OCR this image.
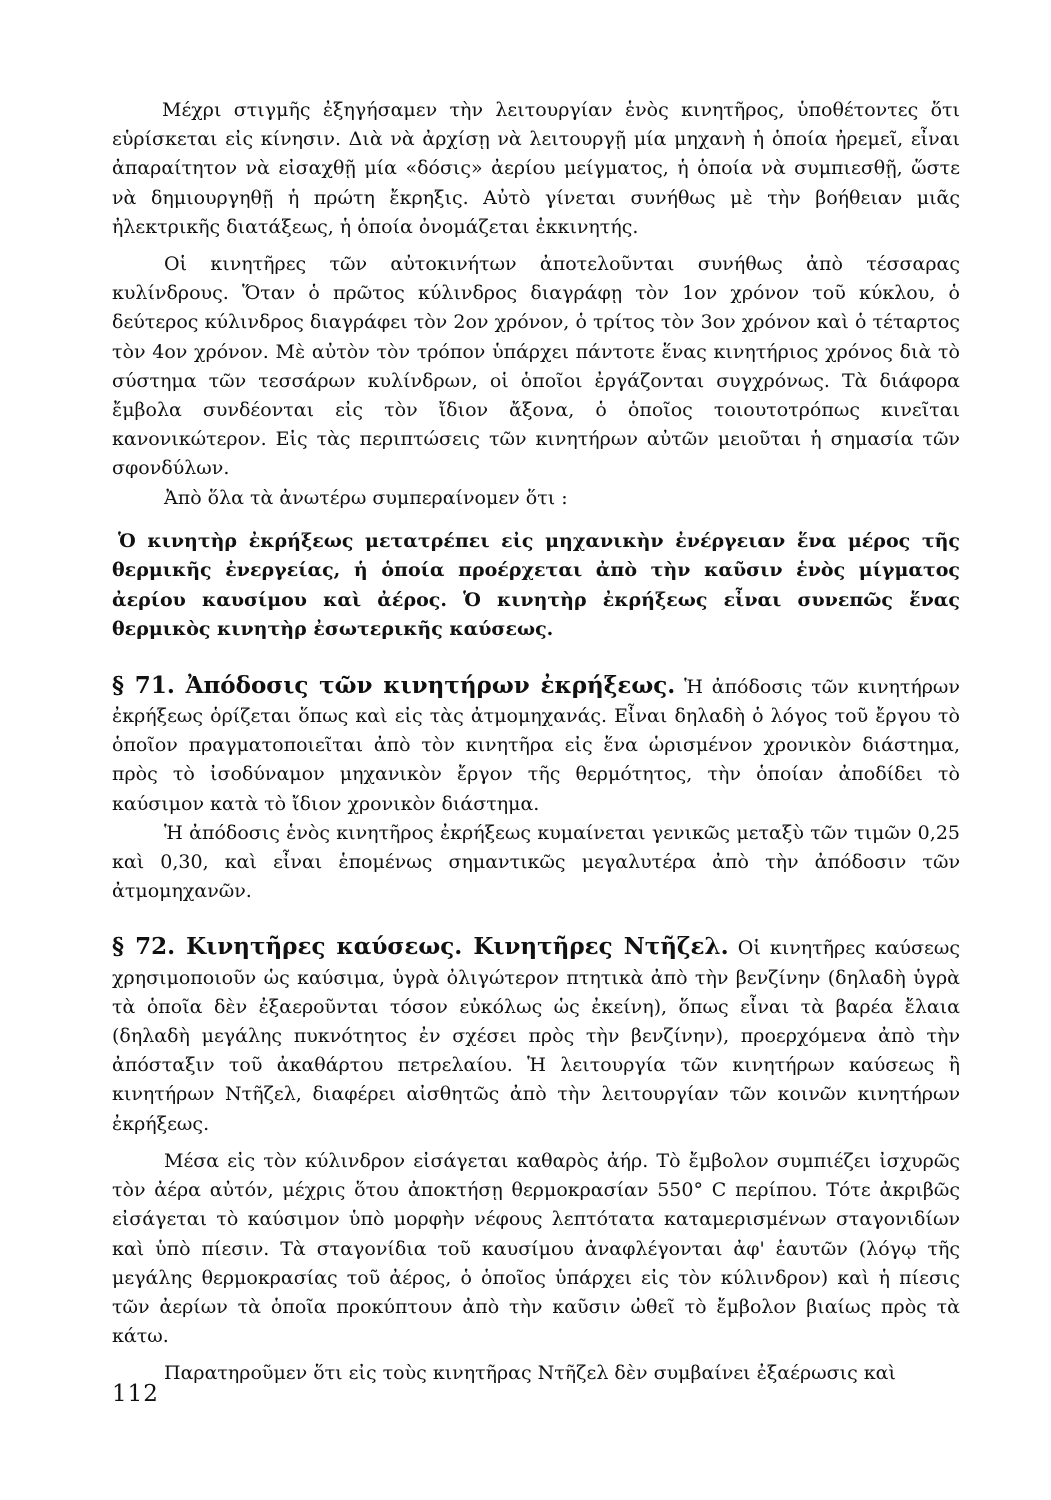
Μέχρι στιγμῆς ἐξηγήσαμεν τὴν λειτουργίαν ἑνὸς κινητῆρος, ὑποθέτοντες ὅτι εὑρίσκεται εἰς κίνησιν. Διὰ νὰ ἀρχίσῃ νὰ λειτουργῇ μία μηχανὴ ἡ ὁποία ἠρεμεῖ, εἶναι ἀπαραίτητον νὰ εἰσαχθῇ μία «δόσις» ἀερίου μείγματος, ἡ ὁποία νὰ συμπιεσθῇ, ὥστε νὰ δημιουργηθῇ ἡ πρώτη ἔκρηξις. Αὐτὸ γίνεται συνήθως μὲ τὴν βοήθειαν μιᾶς ἠλεκτρικῆς διατάξεως, ἡ ὁποία ὀνομάζεται ἐκκινητής.

Οἱ κινητῆρες τῶν αὐτοκινήτων ἀποτελοῦνται συνήθως ἀπὸ τέσσαρας κυλίνδρους. Ὅταν ὁ πρῶτος κύλινδρος διαγράφῃ τὸν 1ον χρόνον τοῦ κύκλου, ὁ δεύτερος κύλινδρος διαγράφει τὸν 2ον χρόνον, ὁ τρίτος τὸν 3ον χρόνον καὶ ὁ τέταρτος τὸν 4ον χρόνον. Μὲ αὐτὸν τὸν τρόπον ὑπάρχει πάντοτε ἕνας κινητήριος χρόνος διὰ τὸ σύστημα τῶν τεσσάρων κυλίνδρων, οἱ ὁποῖοι ἐργάζονται συγχρόνως. Τὰ διάφορα ἔμβολα συνδέονται εἰς τὸν ἴδιον ἄξονα, ὁ ὁποῖος τοιουτοτρόπως κινεῖται κανονικώτερον. Εἰς τὰς περιπτώσεις τῶν κινητήρων αὐτῶν μειοῦται ἡ σημασία τῶν σφονδύλων.

Ἀπὸ ὅλα τὰ ἀνωτέρω συμπεραίνομεν ὅτι :

Ὁ κινητὴρ ἐκρήξεως μετατρέπει εἰς μηχανικὴν ἐνέργειαν ἕνα μέρος τῆς θερμικῆς ἐνεργείας, ἡ ὁποία προέρχεται ἀπὸ τὴν καῦσιν ἑνὸς μίγματος ἀερίου καυσίμου καὶ ἀέρος. Ὁ κινητὴρ ἐκρήξεως εἶναι συνεπῶς ἕνας θερμικὸς κινητὴρ ἐσωτερικῆς καύσεως.

§ 71. Ἀπόδοσις τῶν κινητήρων ἐκρήξεως. Ἡ ἀπόδοσις τῶν κινητήρων ἐκρήξεως ὁρίζεται ὅπως καὶ εἰς τὰς ἀτμομηχανάς. Εἶναι δηλαδὴ ὁ λόγος τοῦ ἔργου τὸ ὁποῖον πραγματοποιεῖται ἀπὸ τὸν κινητῆρα εἰς ἕνα ὡρισμένον χρονικὸν διάστημα, πρὸς τὸ ἰσοδύναμον μηχανικὸν ἔργον τῆς θερμότητος, τὴν ὁποίαν ἀποδίδει τὸ καύσιμον κατὰ τὸ ἴδιον χρονικὸν διάστημα.

Ἡ ἀπόδοσις ἑνὸς κινητῆρος ἐκρήξεως κυμαίνεται γενικῶς μεταξὺ τῶν τιμῶν 0,25 καὶ 0,30, καὶ εἶναι ἑπομένως σημαντικῶς μεγαλυτέρα ἀπὸ τὴν ἀπόδοσιν τῶν ἀτμομηχανῶν.

§ 72. Κινητῆρες καύσεως. Κινητῆρες Ντῆζελ. Οἱ κινητῆρες καύσεως χρησιμοποιοῦν ὡς καύσιμα, ὑγρὰ ὀλιγώτερον πτητικὰ ἀπὸ τὴν βενζίνην (δηλαδὴ ὑγρὰ τὰ ὁποῖα δὲν ἐξαεροῦνται τόσον εὐκόλως ὡς ἐκείνη), ὅπως εἶναι τὰ βαρέα ἔλαια (δηλαδὴ μεγάλης πυκνότητος ἐν σχέσει πρὸς τὴν βενζίνην), προερχόμενα ἀπὸ τὴν ἀπόσταξιν τοῦ ἀκαθάρτου πετρελαίου. Ἡ λειτουργία τῶν κινητήρων καύσεως ἢ κινητήρων Ντῆζελ, διαφέρει αἰσθητῶς ἀπὸ τὴν λειτουργίαν τῶν κοινῶν κινητήρων ἐκρήξεως.

Μέσα εἰς τὸν κύλινδρον εἰσάγεται καθαρὸς ἀήρ. Τὸ ἔμβολον συμπιέζει ἰσχυρῶς τὸν ἀέρα αὐτόν, μέχρις ὅτου ἀποκτήσῃ θερμοκρασίαν 550° C περίπου. Τότε ἀκριβῶς εἰσάγεται τὸ καύσιμον ὑπὸ μορφὴν νέφους λεπτότατα καταμερισμένων σταγονιδίων καὶ ὑπὸ πίεσιν. Τὰ σταγονίδια τοῦ καυσίμου ἀναφλέγονται ἀφ' ἑαυτῶν (λόγῳ τῆς μεγάλης θερμοκρασίας τοῦ ἀέρος, ὁ ὁποῖος ὑπάρχει εἰς τὸν κύλινδρον) καὶ ἡ πίεσις τῶν ἀερίων τὰ ὁποῖα προκύπτουν ἀπὸ τὴν καῦσιν ὠθεῖ τὸ ἔμβολον βιαίως πρὸς τὰ κάτω.

Παρατηροῦμεν ὅτι εἰς τοὺς κινητῆρας Ντῆζελ δὲν συμβαίνει ἐξαέρωσις καὶ

112
